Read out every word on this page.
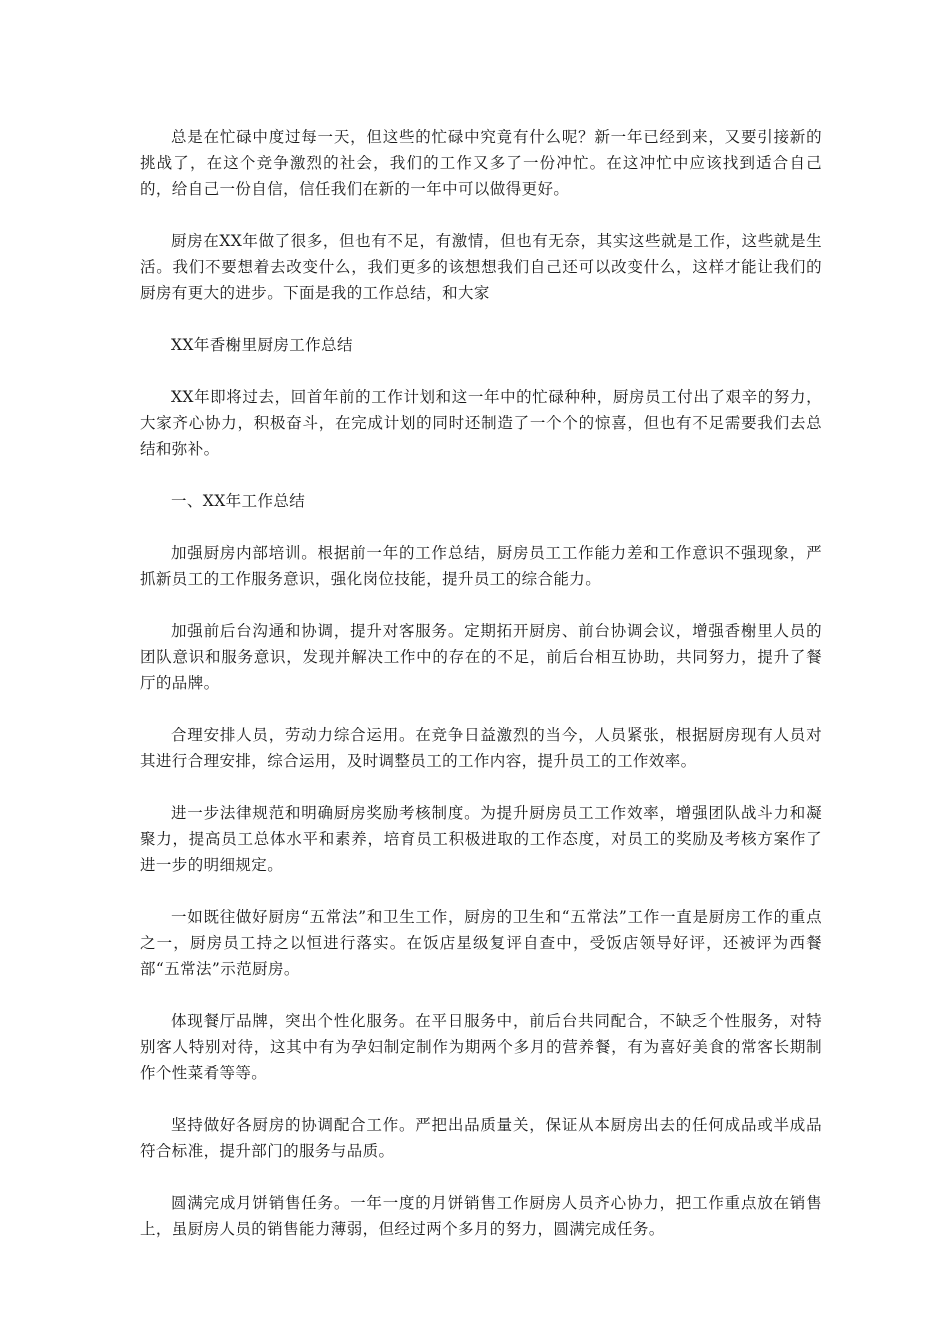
总是在忙碌中度过每一天，但这些的忙碌中究竟有什么呢？新一年已经到来，又要引接新的挑战了，在这个竞争激烈的社会，我们的工作又多了一份冲忙。在这冲忙中应该找到适合自己的，给自己一份自信，信任我们在新的一年中可以做得更好。

厨房在XX年做了很多，但也有不足，有激情，但也有无奈，其实这些就是工作，这些就是生活。我们不要想着去改变什么，我们更多的该想想我们自己还可以改变什么，这样才能让我们的厨房有更大的进步。下面是我的工作总结，和大家

XX年香榭里厨房工作总结

XX年即将过去，回首年前的工作计划和这一年中的忙碌种种，厨房员工付出了艰辛的努力，大家齐心协力，积极奋斗，在完成计划的同时还制造了一个个的惊喜，但也有不足需要我们去总结和弥补。

一、XX年工作总结

加强厨房内部培训。根据前一年的工作总结，厨房员工工作能力差和工作意识不强现象，严抓新员工的工作服务意识，强化岗位技能，提升员工的综合能力。

加强前后台沟通和协调，提升对客服务。定期拓开厨房、前台协调会议，增强香榭里人员的团队意识和服务意识，发现并解决工作中的存在的不足，前后台相互协助，共同努力，提升了餐厅的品牌。

合理安排人员，劳动力综合运用。在竞争日益激烈的当今，人员紧张，根据厨房现有人员对其进行合理安排，综合运用，及时调整员工的工作内容，提升员工的工作效率。

进一步法律规范和明确厨房奖励考核制度。为提升厨房员工工作效率，增强团队战斗力和凝聚力，提高员工总体水平和素养，培育员工积极进取的工作态度，对员工的奖励及考核方案作了进一步的明细规定。

一如既往做好厨房“五常法”和卫生工作，厨房的卫生和“五常法”工作一直是厨房工作的重点之一，厨房员工持之以恒进行落实。在饭店星级复评自查中，受饭店领导好评，还被评为西餐部“五常法”示范厨房。

体现餐厅品牌，突出个性化服务。在平日服务中，前后台共同配合，不缺乏个性服务，对特别客人特别对待，这其中有为孕妇制定制作为期两个多月的营养餐，有为喜好美食的常客长期制作个性菜肴等等。

坚持做好各厨房的协调配合工作。严把出品质量关，保证从本厨房出去的任何成品或半成品符合标准，提升部门的服务与品质。

圆满完成月饼销售任务。一年一度的月饼销售工作厨房人员齐心协力，把工作重点放在销售上，虽厨房人员的销售能力薄弱，但经过两个多月的努力，圆满完成任务。
